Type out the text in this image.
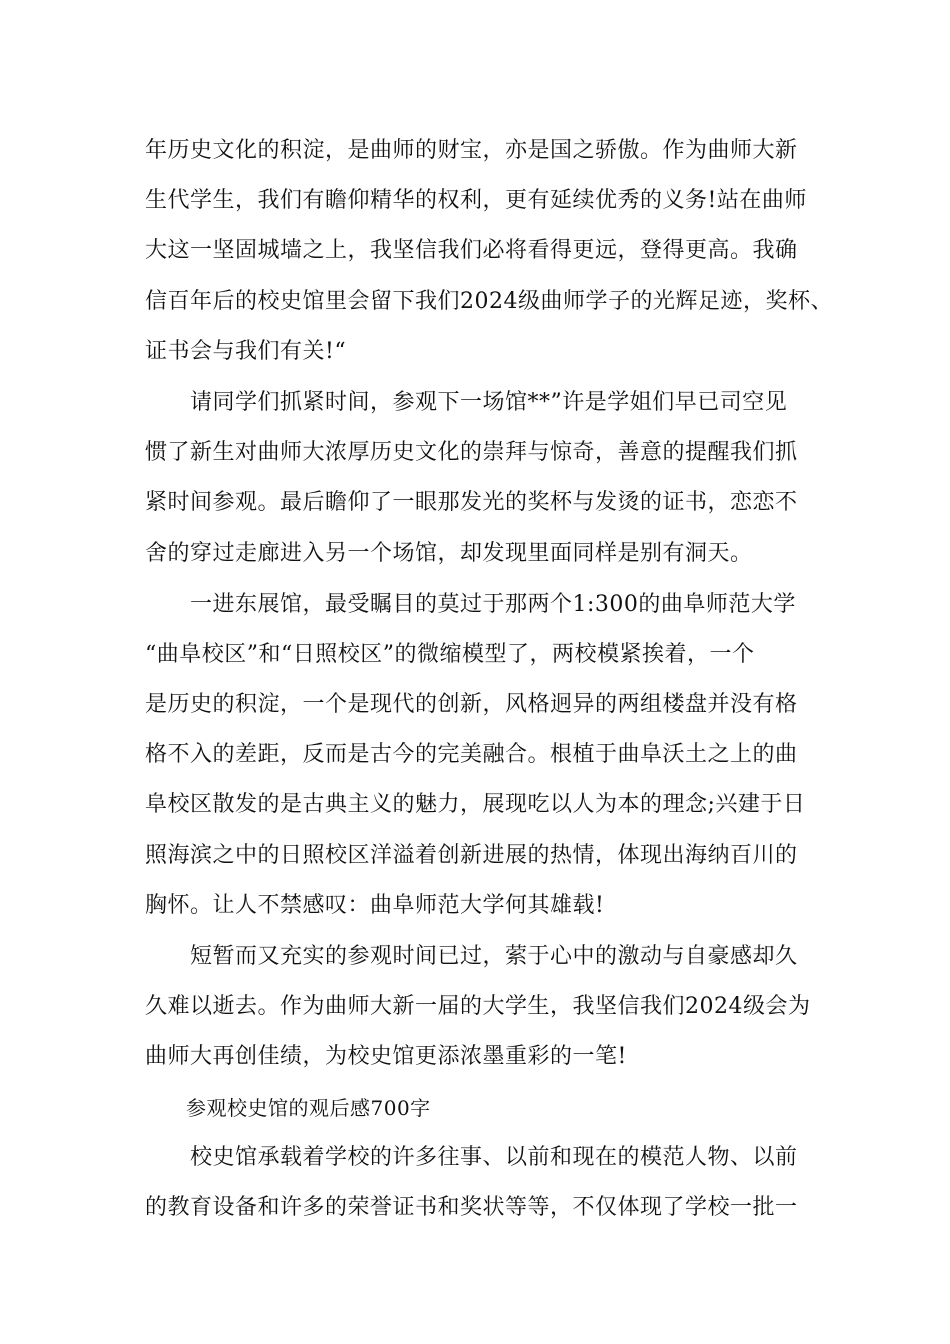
年历史文化的积淀，是曲师的财宝，亦是国之骄傲。作为曲师大新
生代学生，我们有瞻仰精华的权利，更有延续优秀的义务!站在曲师
大这一坚固城墙之上，我坚信我们必将看得更远，登得更高。我确
信百年后的校史馆里会留下我们2024级曲师学子的光辉足迹，奖杯、
证书会与我们有关!“
　　请同学们抓紧时间，参观下一场馆**”许是学姐们早已司空见
惯了新生对曲师大浓厚历史文化的崇拜与惊奇，善意的提醒我们抓
紧时间参观。最后瞻仰了一眼那发光的奖杯与发烫的证书，恋恋不
舍的穿过走廊进入另一个场馆，却发现里面同样是别有洞天。
　　一进东展馆，最受瞩目的莫过于那两个1:300的曲阜师范大学
“曲阜校区”和“日照校区”的微缩模型了，两校模紧挨着，一个
是历史的积淀，一个是现代的创新，风格迥异的两组楼盘并没有格
格不入的差距，反而是古今的完美融合。根植于曲阜沃土之上的曲
阜校区散发的是古典主义的魅力，展现吃以人为本的理念;兴建于日
照海滨之中的日照校区洋溢着创新进展的热情，体现出海纳百川的
胸怀。让人不禁感叹：曲阜师范大学何其雄载!
　　短暂而又充实的参观时间已过，萦于心中的激动与自豪感却久
久难以逝去。作为曲师大新一届的大学生，我坚信我们2024级会为
曲师大再创佳绩，为校史馆更添浓墨重彩的一笔!
　　参观校史馆的观后感700字
　　校史馆承载着学校的许多往事、以前和现在的模范人物、以前
的教育设备和许多的荣誉证书和奖状等等，不仅体现了学校一批一
